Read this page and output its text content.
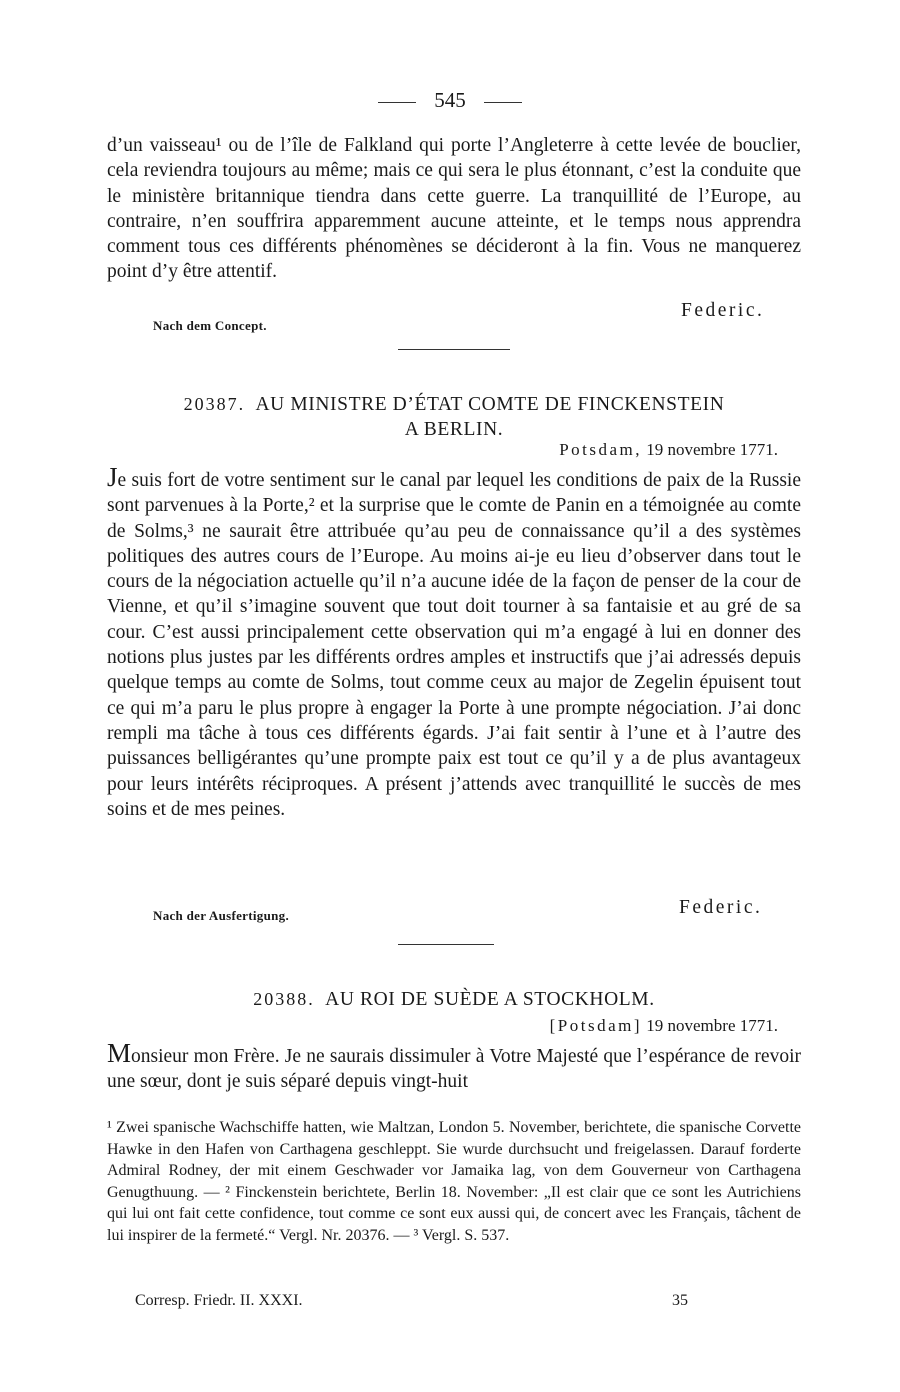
545
d’un vaisseau¹ ou de l’île de Falkland qui porte l’Angleterre à cette levée de bouclier, cela reviendra toujours au même; mais ce qui sera le plus étonnant, c’est la conduite que le ministère britannique tiendra dans cette guerre. La tranquillité de l’Europe, au contraire, n’en souffrira apparemment aucune atteinte, et le temps nous apprendra comment tous ces différents phénomènes se décideront à la fin. Vous ne manquerez point d’y être attentif.
Federic.
Nach dem Concept.
20387. AU MINISTRE D’ÉTAT COMTE DE FINCKENSTEIN
A BERLIN.
Potsdam, 19 novembre 1771.
Je suis fort de votre sentiment sur le canal par lequel les conditions de paix de la Russie sont parvenues à la Porte,² et la surprise que le comte de Panin en a témoignée au comte de Solms,³ ne saurait être attribuée qu’au peu de connaissance qu’il a des systèmes politiques des autres cours de l’Europe. Au moins ai-je eu lieu d’observer dans tout le cours de la négociation actuelle qu’il n’a aucune idée de la façon de penser de la cour de Vienne, et qu’il s’imagine souvent que tout doit tourner à sa fantaisie et au gré de sa cour. C’est aussi principalement cette observation qui m’a engagé à lui en donner des notions plus justes par les différents ordres amples et instructifs que j’ai adressés depuis quelque temps au comte de Solms, tout comme ceux au major de Zegelin épuisent tout ce qui m’a paru le plus propre à engager la Porte à une prompte négociation. J’ai donc rempli ma tâche à tous ces différents égards. J’ai fait sentir à l’une et à l’autre des puissances belligérantes qu’une prompte paix est tout ce qu’il y a de plus avantageux pour leurs intérêts réciproques. A présent j’attends avec tranquillité le succès de mes soins et de mes peines.
Nach der Ausfertigung.	Federic.
20388. AU ROI DE SUÈDE A STOCKHOLM.
[Potsdam] 19 novembre 1771.
Monsieur mon Frère. Je ne saurais dissimuler à Votre Majesté que l’espérance de revoir une sœur, dont je suis séparé depuis vingt-huit
¹ Zwei spanische Wachschiffe hatten, wie Maltzan, London 5. November, berichtete, die spanische Corvette Hawke in den Hafen von Carthagena geschleppt. Sie wurde durchsucht und freigelassen. Darauf forderte Admiral Rodney, der mit einem Geschwader vor Jamaika lag, von dem Gouverneur von Carthagena Genugthuung. — ² Finckenstein berichtete, Berlin 18. November: „Il est clair que ce sont les Autrichiens qui lui ont fait cette confidence, tout comme ce sont eux aussi qui, de concert avec les Français, tâchent de lui inspirer de la fermeté.“ Vergl. Nr. 20376. — ³ Vergl. S. 537.
Corresp. Friedr. II. XXXI.	35
